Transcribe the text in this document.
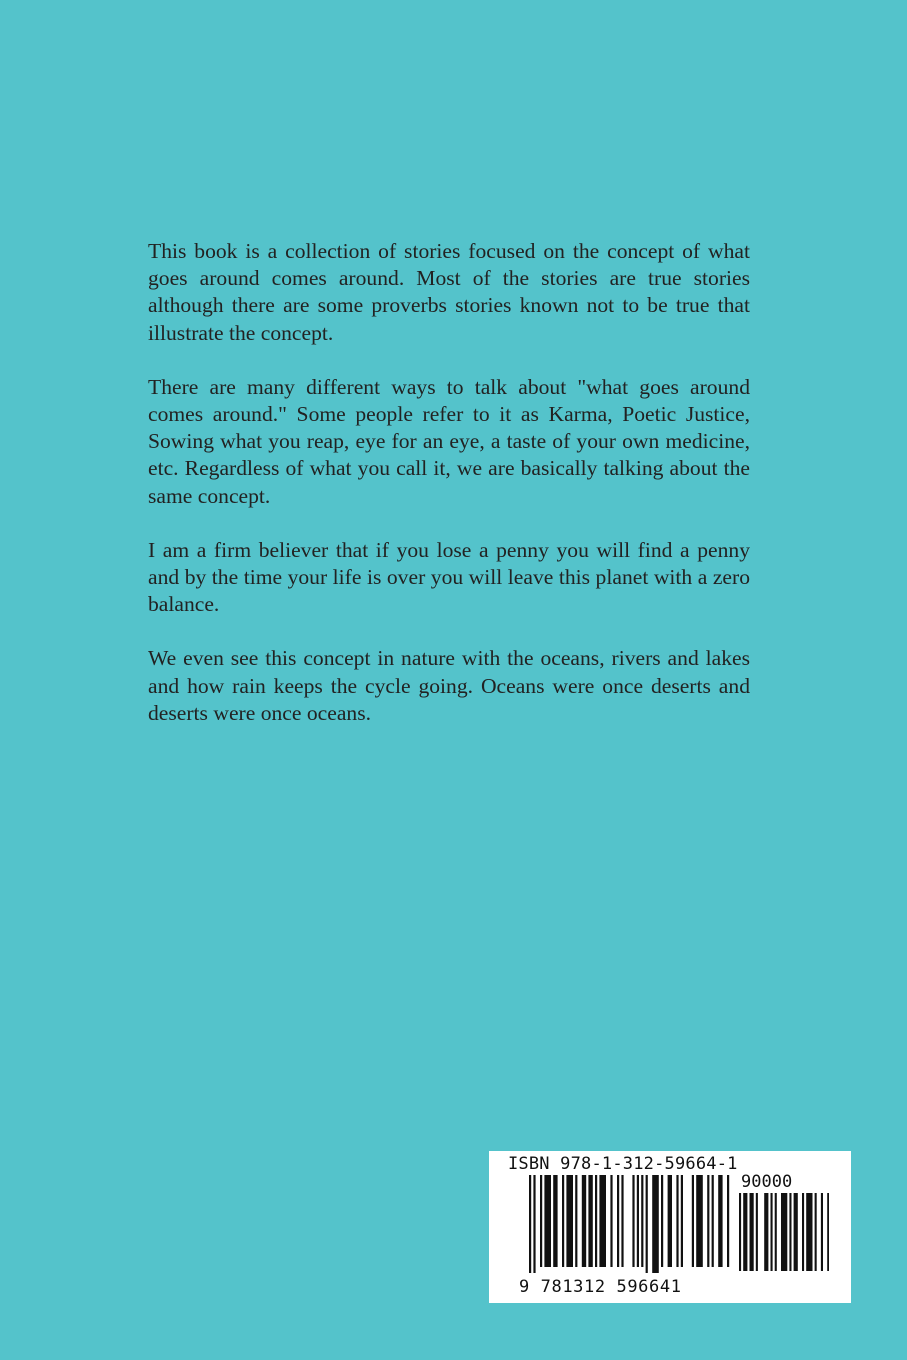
This book is a collection of stories focused on the concept of what goes around comes around. Most of the stories are true stories although there are some proverbs stories known not to be true that illustrate the concept.

There are many different ways to talk about "what goes around comes around." Some people refer to it as Karma, Poetic Justice, Sowing what you reap, eye for an eye, a taste of your own medicine, etc. Regardless of what you call it, we are basically talking about the same concept.

I am a firm believer that if you lose a penny you will find a penny and by the time your life is over you will leave this planet with a zero balance.

We even see this concept in nature with the oceans, rivers and lakes and how rain keeps the cycle going. Oceans were once deserts and deserts were once oceans.

ISBN 978-1-312-59664-1
90000
9 781312 596641
